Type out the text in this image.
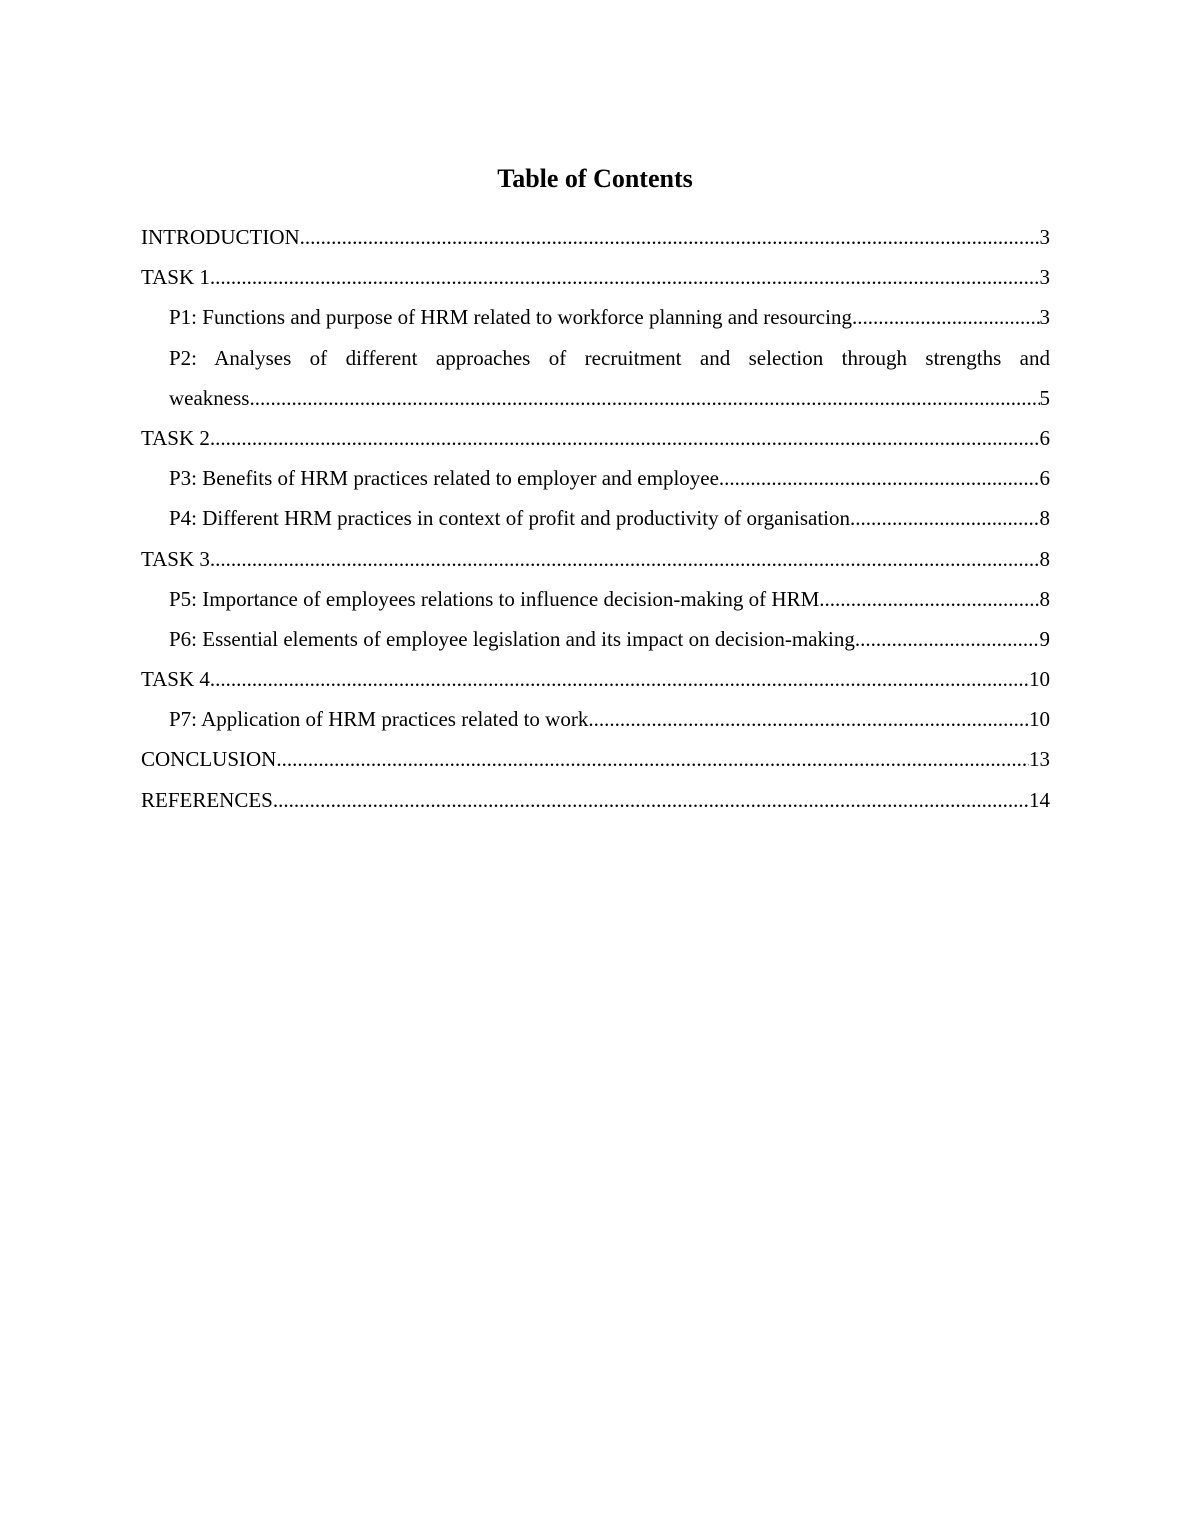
Table of Contents
INTRODUCTION .....	3
TASK 1 .....	3
P1: Functions and purpose of HRM related to workforce planning and resourcing .....	3
P2: Analyses of different approaches of recruitment and selection through strengths and
weakness .....	5
TASK 2 .....	6
P3: Benefits of HRM practices related to employer and employee .....	6
P4: Different HRM practices in context of profit and productivity of organisation .....	8
TASK 3 .....	8
P5: Importance of employees relations to influence decision-making of HRM .....	8
P6: Essential elements of employee legislation and its impact on decision-making .....	9
TASK 4 .....	10
P7: Application of HRM practices related to work .....	10
CONCLUSION .....	13
REFERENCES .....	14
